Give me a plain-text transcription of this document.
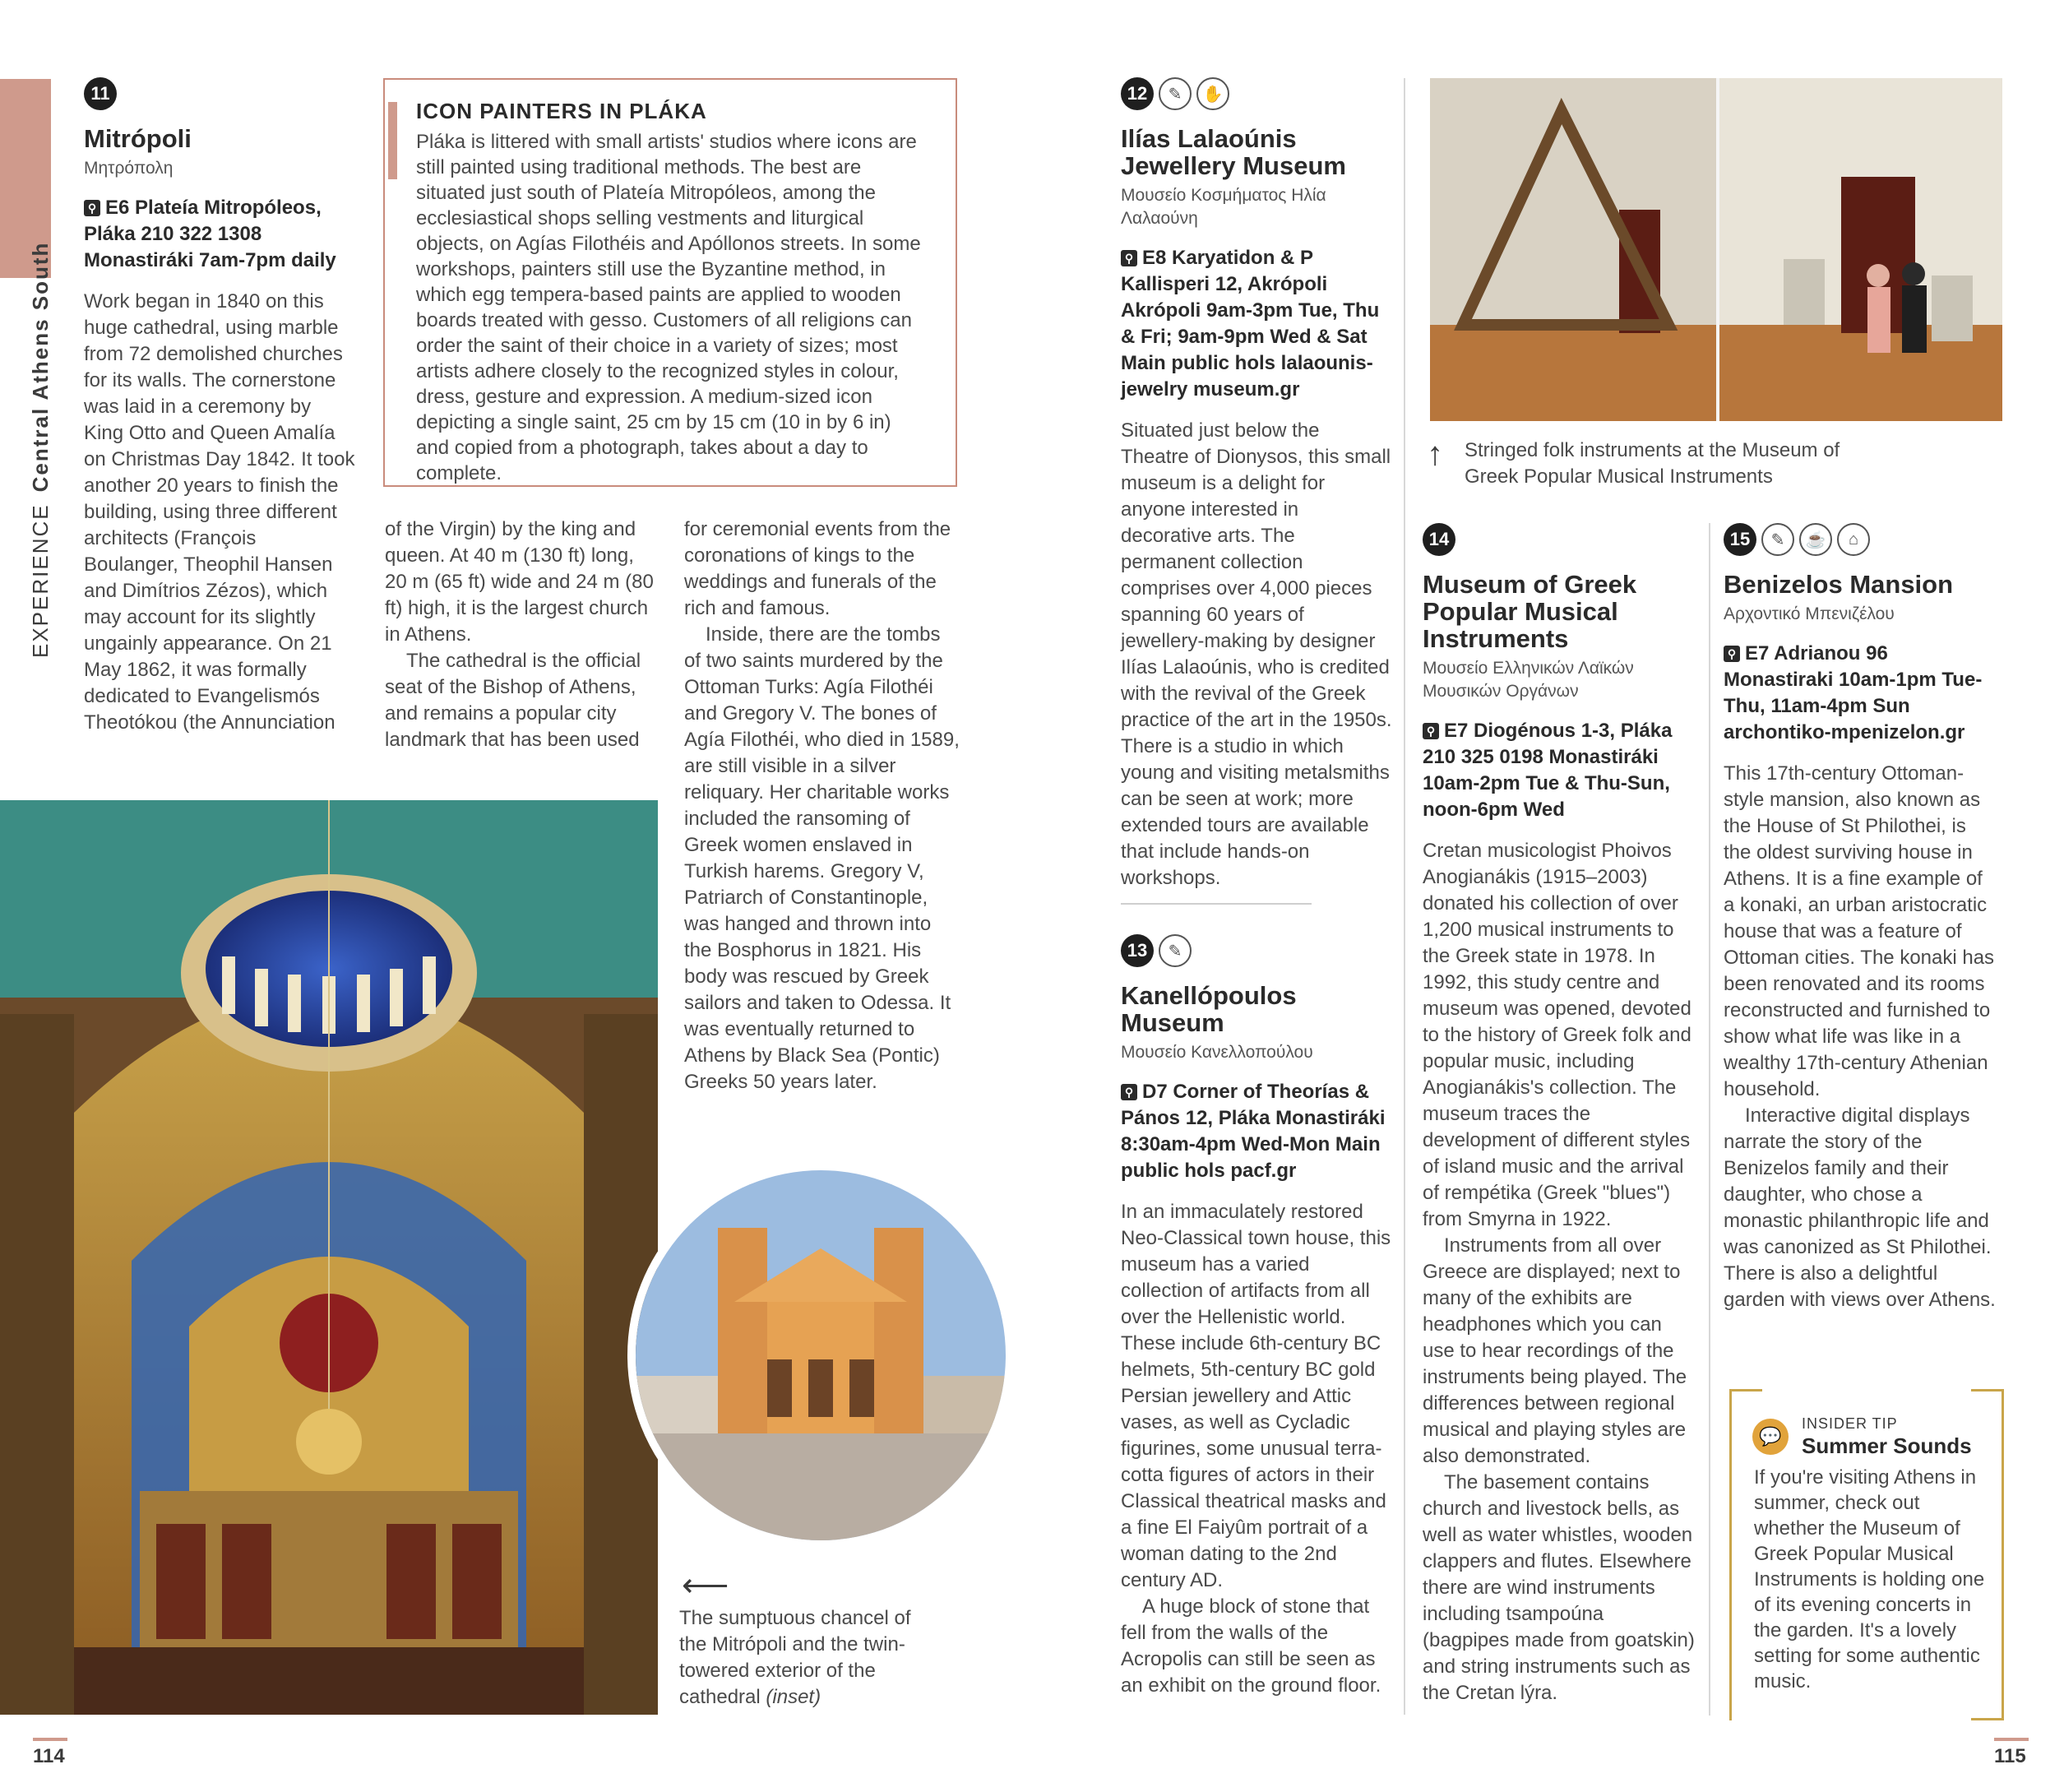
EXPERIENCECentral Athens South
11
Mitrópoli
Μητρόπολη
⚲ E6 Plateía Mitropóleos, Pláka 210 322 1308 Monastiráki 7am-7pm daily

Work began in 1840 on this huge cathedral, using marble from 72 demolished churches for its walls. The cornerstone was laid in a ceremony by King Otto and Queen Amalía on Christmas Day 1842. It took another 20 years to finish the building, using three different architects (François Boulanger, Theophil Hansen and Dimítrios Zézos), which may account for its slightly ungainly appearance. On 21 May 1862, it was formally dedicated to Evangelismós Theotókou (the Annunciation

ICON PAINTERS IN PLÁKA
Pláka is littered with small artists' studios where icons are still painted using traditional methods. The best are situated just south of Plateía Mitropóleos, among the ecclesiastical shops selling vestments and liturgical objects, on Agías Filothéis and Apóllonos streets. In some workshops, painters still use the Byzantine method, in which egg tempera-based paints are applied to wooden boards treated with gesso. Customers of all religions can order the saint of their choice in a variety of sizes; most artists adhere closely to the recognized styles in colour, dress, gesture and expression. A medium-sized icon depicting a single saint, 25 cm by 15 cm (10 in by 6 in) and copied from a photograph, takes about a day to complete.

of the Virgin) by the king and queen. At 40 m (130 ft) long, 20 m (65 ft) wide and 24 m (80 ft) high, it is the largest church in Athens.

The cathedral is the official seat of the Bishop of Athens, and remains a popular city landmark that has been used

for ceremonial events from the coronations of kings to the weddings and funerals of the rich and famous.

Inside, there are the tombs of two saints murdered by the Ottoman Turks: Agía Filothéi and Gregory V. The bones of Agía Filothéi, who died in 1589, are still visible in a silver reliquary. Her charitable works included the ransoming of Greek women enslaved in Turkish harems. Gregory V, Patriarch of Constantinople, was hanged and thrown into the Bosphorus in 1821. His body was rescued by Greek sailors and taken to Odessa. It was eventually returned to Athens by Black Sea (Pontic) Greeks 50 years later.

⟵
The sumptuous chancel of the Mitrópoli and the twin-towered exterior of the cathedral (inset)
12	✎	✋
Ilías Lalaoúnis Jewellery Museum
Μουσείο Κοσμήματος Ηλία Λαλαούνη
⚲ E8 Karyatidon & P Kallisperi 12, Akrópoli Akrópoli 9am-3pm Tue, Thu & Fri; 9am-9pm Wed & Sat Main public hols lalaounis-jewelry museum.gr
Situated just below the Theatre of Dionysos, this small museum is a delight for anyone interested in decorative arts. The permanent collection comprises over 4,000 pieces spanning 60 years of jewellery-making by designer Ilías Lalaoúnis, who is credited with the revival of the Greek practice of the art in the 1950s. There is a studio in which young and visiting metalsmiths can be seen at work; more extended tours are available that include hands-on workshops.
13	✎
Kanellópoulos Museum
Μουσείο Κανελλοπούλου
⚲ D7 Corner of Theorías & Pános 12, Pláka Monastiráki 8:30am-4pm Wed-Mon Main public hols pacf.gr

In an immaculately restored Neo-Classical town house, this museum has a varied collection of artifacts from all over the Hellenistic world. These include 6th-century BC helmets, 5th-century BC gold Persian jewellery and Attic vases, as well as Cycladic figurines, some unusual terra-cotta figures of actors in their Classical theatrical masks and a fine El Faiyûm portrait of a woman dating to the 2nd century AD.

A huge block of stone that fell from the walls of the Acropolis can still be seen as an exhibit on the ground floor.

↑ Stringed folk instruments at the Museum of Greek Popular Musical Instruments
14
Museum of Greek Popular Musical Instruments
Μουσείο Ελληνικών Λαϊκών Μουσικών Οργάνων
⚲ E7 Diogénous 1-3, Pláka 210 325 0198 Monastiráki 10am-2pm Tue & Thu-Sun, noon-6pm Wed

Cretan musicologist Phoivos Anogianákis (1915–2003) donated his collection of over 1,200 musical instruments to the Greek state in 1978. In 1992, this study centre and museum was opened, devoted to the history of Greek folk and popular music, including Anogianákis's collection. The museum traces the development of different styles of island music and the arrival of rempétika (Greek "blues") from Smyrna in 1922.

Instruments from all over Greece are displayed; next to many of the exhibits are headphones which you can use to hear recordings of the instruments being played. The differences between regional musical and playing styles are also demonstrated.

The basement contains church and livestock bells, as well as water whistles, wooden clappers and flutes. Elsewhere there are wind instruments including tsampoúna (bagpipes made from goatskin) and string instruments such as the Cretan lýra.

15	✎	☕	⌂
Benizelos Mansion
Αρχοντικό Μπενιζέλου
⚲ E7 Adrianou 96 Monastiraki 10am-1pm Tue-Thu, 11am-4pm Sun archontiko-mpenizelon.gr

This 17th-century Ottoman-style mansion, also known as the House of St Philothei, is the oldest surviving house in Athens. It is a fine example of a konaki, an urban aristocratic house that was a feature of Ottoman cities. The konaki has been renovated and its rooms reconstructed and furnished to show what life was like in a wealthy 17th-century Athenian household.

Interactive digital displays narrate the story of the Benizelos family and their daughter, who chose a monastic philanthropic life and was canonized as St Philothei. There is also a delightful garden with views over Athens.

💬
INSIDER TIP
Summer Sounds
If you're visiting Athens in summer, check out whether the Museum of Greek Popular Musical Instruments is holding one of its evening concerts in the garden. It's a lovely setting for some authentic music.
114	115
